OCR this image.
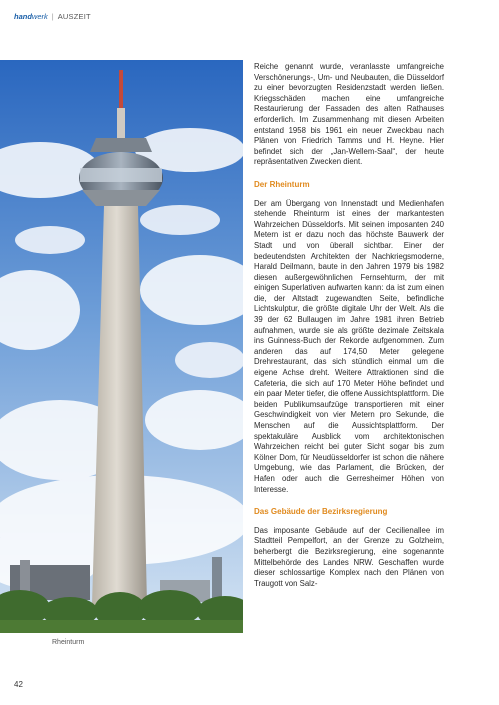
handwerk | AUSZEIT
Rheinturm

Reiche genannt wurde, veranlasste umfangreiche Verschönerungs-, Um- und Neubauten, die Düsseldorf zu einer bevorzugten Residenzstadt werden ließen. Kriegsschäden machen eine umfangreiche Restaurierung der Fassaden des alten Rathauses erforderlich. Im Zusammenhang mit diesen Arbeiten entstand 1958 bis 1961 ein neuer Zweckbau nach Plänen von Friedrich Tamms und H. Heyne. Hier befindet sich der „Jan-Wellem-Saal“, der heute repräsentativen Zwecken dient.

Der Rheinturm

Der am Übergang von Innenstadt und Medienhafen stehende Rheinturm ist eines der markantesten Wahrzeichen Düsseldorfs. Mit seinen imposanten 240 Metern ist er dazu noch das höchste Bauwerk der Stadt und von überall sichtbar. Einer der bedeutendsten Architekten der Nachkriegsmoderne, Harald Deilmann, baute in den Jahren 1979 bis 1982 diesen außergewöhnlichen Fernsehturm, der mit einigen Superlativen aufwarten kann: da ist zum einen die, der Altstadt zugewandten Seite, befindliche Lichtskulptur, die größte digitale Uhr der Welt. Als die 39 der 62 Bullaugen im Jahre 1981 ihren Betrieb aufnahmen, wurde sie als größte dezimale Zeitskala ins Guinness-Buch der Rekorde aufgenommen. Zum anderen das auf 174,50 Meter gelegene Drehrestaurant, das sich stündlich einmal um die eigene Achse dreht. Weitere Attraktionen sind die Cafeteria, die sich auf 170 Meter Höhe befindet und ein paar Meter tiefer, die offene Aussichtsplattform. Die beiden Publikumsaufzüge transportieren mit einer Geschwindigkeit von vier Metern pro Sekunde, die Menschen auf die Aussichtsplattform. Der spektakuläre Ausblick vom architektonischen Wahrzeichen reicht bei guter Sicht sogar bis zum Kölner Dom, für Neudüsseldorfer ist schon die nähere Umgebung, wie das Parlament, die Brücken, der Hafen oder auch die Gerresheimer Höhen von Interesse.

Das Gebäude der Bezirksregierung

Das imposante Gebäude auf der Cecilienallee im Stadtteil Pempelfort, an der Grenze zu Golzheim, beherbergt die Bezirksregierung, eine sogenannte Mittelbehörde des Landes NRW. Geschaffen wurde dieser schlossartige Komplex nach den Plänen von Traugott von Salz-

42
